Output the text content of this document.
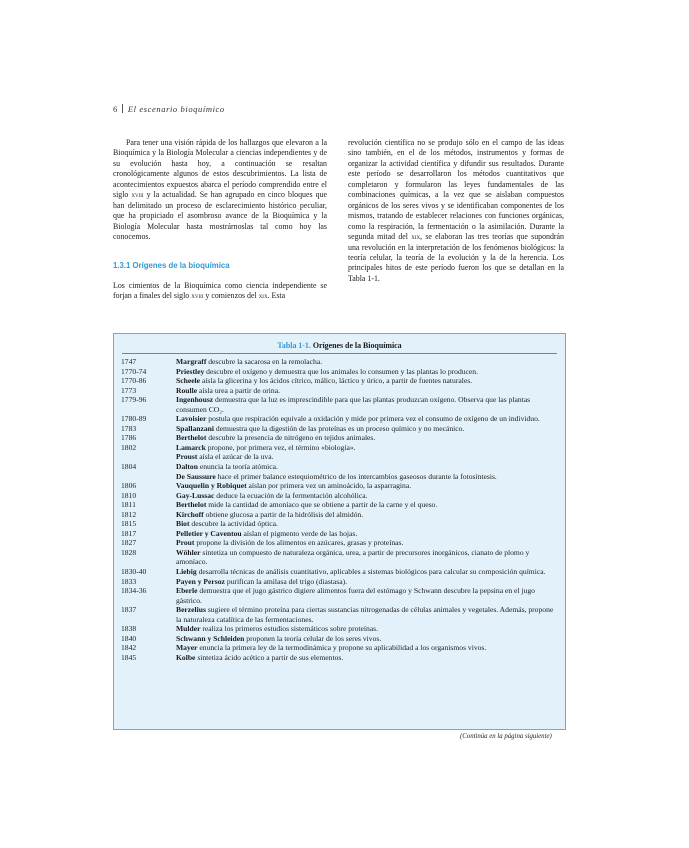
6 El escenario bioquímico

Para tener una visión rápida de los hallazgos que elevaron a la Bioquímica y la Biología Molecular a ciencias independientes y de su evolución hasta hoy, a continuación se resaltan cronológicamente algunos de estos descubrimientos. La lista de acontecimientos expuestos abarca el período comprendido entre el siglo xviii y la actualidad. Se han agrupado en cinco bloques que han delimitado un proceso de esclarecimiento histórico peculiar, que ha propiciado el asombroso avance de la Bioquímica y la Biología Molecular hasta mostrárnoslas tal como hoy las conocemos.

1.3.1 Orígenes de la bioquímica

Los cimientos de la Bioquímica como ciencia independiente se forjan a finales del siglo xviii y comienzos del xix. Esta

revolución científica no se produjo sólo en el campo de las ideas sino también, en el de los métodos, instrumentos y formas de organizar la actividad científica y difundir sus resultados. Durante este período se desarrollaron los métodos cuantitativos que completaron y formularon las leyes fundamentales de las combinaciones químicas, a la vez que se aislaban compuestos orgánicos de los seres vivos y se identificaban componentes de los mismos, tratando de establecer relaciones con funciones orgánicas, como la respiración, la fermentación o la asimilación. Durante la segunda mitad del xix, se elaboran las tres teorías que supondrán una revolución en la interpretación de los fenómenos biológicos: la teoría celular, la teoría de la evolución y la de la herencia. Los principales hitos de este período fueron los que se detallan en la Tabla 1-1.

Tabla 1-1. Orígenes de la Bioquímica
1747	Margraff descubre la sacarosa en la remolacha.
1770-74	Priestley descubre el oxígeno y demuestra que los animales lo consumen y las plantas lo producen.
1770-86	Scheele aísla la glicerina y los ácidos cítrico, málico, láctico y úrico, a partir de fuentes naturales.
1773	Roulle aísla urea a partir de orina.
1779-96	Ingenhousz demuestra que la luz es imprescindible para que las plantas produzcan oxígeno. Observa que las plantas consumen CO₂.
1780-89	Lavoisier postula que respiración equivale a oxidación y mide por primera vez el consumo de oxígeno de un individuo.
1783	Spallanzani demuestra que la digestión de las proteínas es un proceso químico y no mecánico.
1786	Berthelot descubre la presencia de nitrógeno en tejidos animales.
1802	Lamarck propone, por primera vez, el término «biología».
Proust aísla el azúcar de la uva.
1804	Dalton enuncia la teoría atómica.
De Saussure hace el primer balance estequiométrico de los intercambios gaseosos durante la fotosíntesis.
1806	Vauquelin y Robiquet aíslan por primera vez un aminoácido, la asparragina.
1810	Gay-Lussac deduce la ecuación de la fermentación alcohólica.
1811	Berthelot mide la cantidad de amoníaco que se obtiene a partir de la carne y el queso.
1812	Kirchoff obtiene glucosa a partir de la hidrólisis del almidón.
1815	Biot descubre la actividad óptica.
1817	Pelletier y Caventou aíslan el pigmento verde de las hojas.
1827	Prout propone la división de los alimentos en azúcares, grasas y proteínas.
1828	Wöhler sintetiza un compuesto de naturaleza orgánica, urea, a partir de precursores inorgánicos, cianato de plomo y amoníaco.
1830-40	Liebig desarrolla técnicas de análisis cuantitativo, aplicables a sistemas biológicos para calcular su composición química.
1833	Payen y Persoz purifican la amilasa del trigo (diastasa).
1834-36	Eberle demuestra que el jugo gástrico digiere alimentos fuera del estómago y Schwann descubre la pepsina en el jugo gástrico.
1837	Berzelius sugiere el término proteína para ciertas sustancias nitrogenadas de células animales y vegetales. Además, propone la naturaleza catalítica de las fermentaciones.
1838	Mulder realiza los primeros estudios sistemáticos sobre proteínas.
1840	Schwann y Schleiden proponen la teoría celular de los seres vivos.
1842	Mayer enuncia la primera ley de la termodinámica y propone su aplicabilidad a los organismos vivos.
1845	Kolbe sintetiza ácido acético a partir de sus elementos.
(Continúa en la página siguiente)
